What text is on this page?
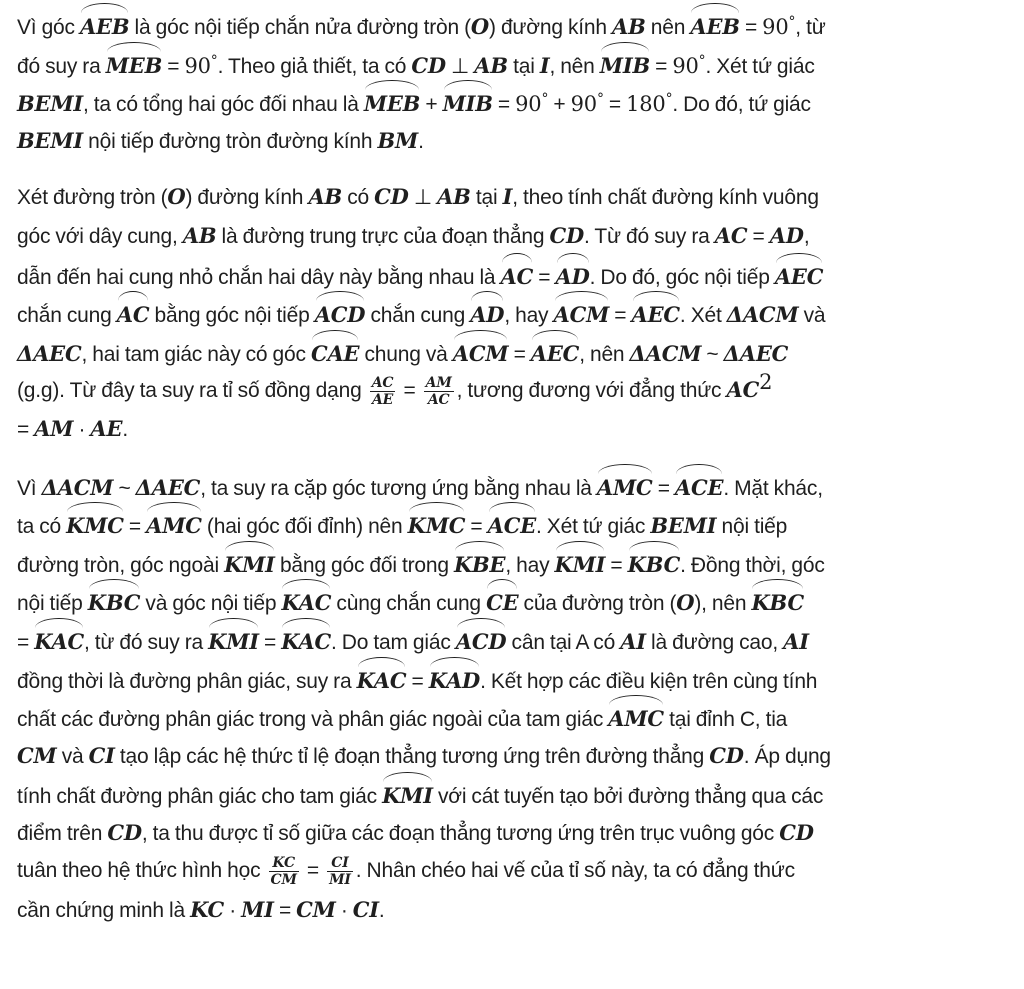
Vì góc AEB là góc nội tiếp chắn nửa đường tròn (O) đường kính AB nên AEB = 90°, từ
đó suy ra MEB = 90°. Theo giả thiết, ta có CD ⊥ AB tại I, nên MIB = 90°. Xét tứ giác
BEMI, ta có tổng hai góc đối nhau là MEB + MIB = 90° + 90° = 180°. Do đó, tứ giác
BEMI nội tiếp đường tròn đường kính BM.

Xét đường tròn (O) đường kính AB có CD ⊥ AB tại I, theo tính chất đường kính vuông
góc với dây cung, AB là đường trung trực của đoạn thẳng CD. Từ đó suy ra AC = AD,
dẫn đến hai cung nhỏ chắn hai dây này bằng nhau là AC = AD. Do đó, góc nội tiếp AEC
chắn cung AC bằng góc nội tiếp ACD chắn cung AD, hay ACM = AEC. Xét ΔACM và
ΔAEC, hai tam giác này có góc CAE chung và ACM = AEC, nên ΔACM ~ ΔAEC
(g.g). Từ đây ta suy ra tỉ số đồng dạng $\frac{AC}{AE} = \frac{AM}{AC}$ , tương đương với đẳng thức $AC^2$
= AM · AE.

Vì ΔACM ~ ΔAEC, ta suy ra cặp góc tương ứng bằng nhau là AMC = ACE. Mặt khác,
ta có KMC = AMC (hai góc đối đỉnh) nên KMC = ACE. Xét tứ giác BEMI nội tiếp
đường tròn, góc ngoài KMI bằng góc đối trong KBE, hay KMI = KBC. Đồng thời, góc
nội tiếp KBC và góc nội tiếp KAC cùng chắn cung CE của đường tròn (O), nên KBC
= KAC, từ đó suy ra KMI = KAC. Do tam giác ACD cân tại A có AI là đường cao, AI
đồng thời là đường phân giác, suy ra KAC = KAD. Kết hợp các điều kiện trên cùng tính
chất các đường phân giác trong và phân giác ngoài của tam giác AMC tại đỉnh C, tia
CM và CI tạo lập các hệ thức tỉ lệ đoạn thẳng tương ứng trên đường thẳng CD. Áp dụng
tính chất đường phân giác cho tam giác KMI với cát tuyến tạo bởi đường thẳng qua các
điểm trên CD, ta thu được tỉ số giữa các đoạn thẳng tương ứng trên trục vuông góc CD
tuân theo hệ thức hình học $\frac{KC}{CM} = \frac{CI}{MI}$ . Nhân chéo hai vế của tỉ số này, ta có đẳng thức
cần chứng minh là KC · MI = CM · CI.
